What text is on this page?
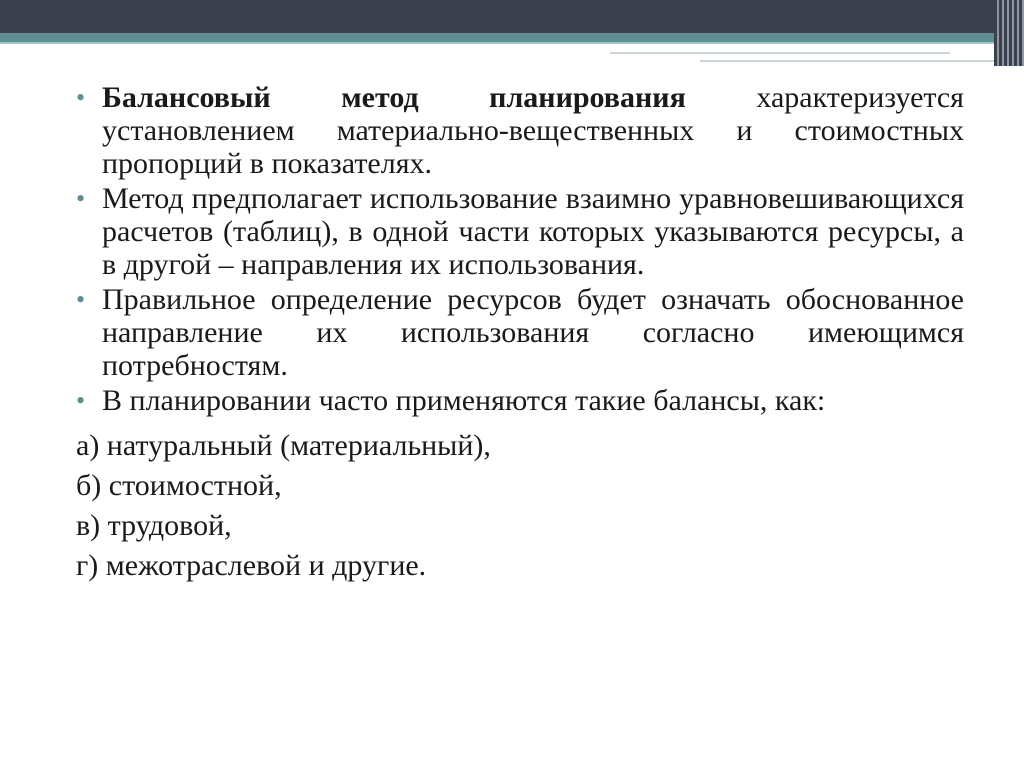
• Балансовый метод планирования характеризуется установлением материально-вещественных и стоимостных пропорций в показателях.
• Метод предполагает использование взаимно уравновешивающихся расчетов (таблиц), в одной части которых указываются ресурсы, а в другой – направления их использования.
• Правильное определение ресурсов будет означать обоснованное направление их использования согласно имеющимся потребностям.
• В планировании часто применяются такие балансы, как:
а) натуральный (материальный),
б) стоимостной,
в) трудовой,
г) межотраслевой и другие.
